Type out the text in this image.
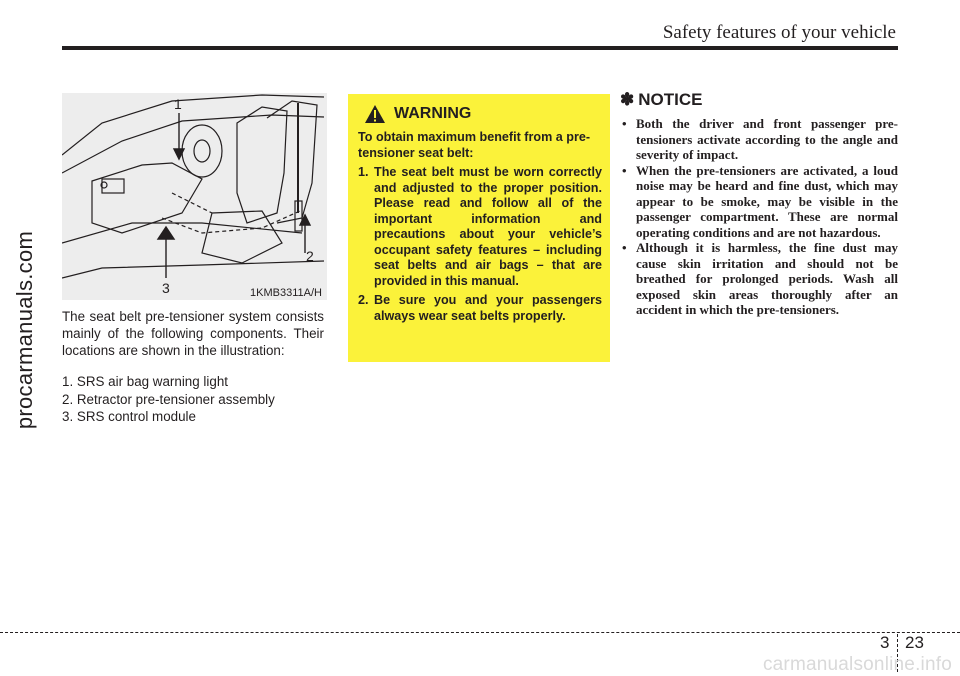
Safety features of your vehicle
procarmanuals.com
1
2
3	1KMB3311A/H
The seat belt pre-tensioner system consists mainly of the following components. Their locations are shown in the illustration:
1. SRS air bag warning light
2. Retractor pre-tensioner assembly
3. SRS control module
WARNING
To obtain maximum benefit from a pre-tensioner seat belt:
1. The seat belt must be worn correctly and adjusted to the proper position. Please read and follow all of the important information and precautions about your vehicle’s occupant safety features – including seat belts and air bags – that are provided in this manual.
2. Be sure you and your passengers always wear seat belts properly.
✽ NOTICE
• Both the driver and front passenger pre-tensioners activate according to the angle and severity of impact.
• When the pre-tensioners are activated, a loud noise may be heard and fine dust, which may appear to be smoke, may be visible in the passenger compartment. These are normal operating conditions and are not hazardous.
• Although it is harmless, the fine dust may cause skin irritation and should not be breathed for prolonged periods. Wash all exposed skin areas thoroughly after an accident in which the pre-tensioners.
3 23
carmanualsonline.info
